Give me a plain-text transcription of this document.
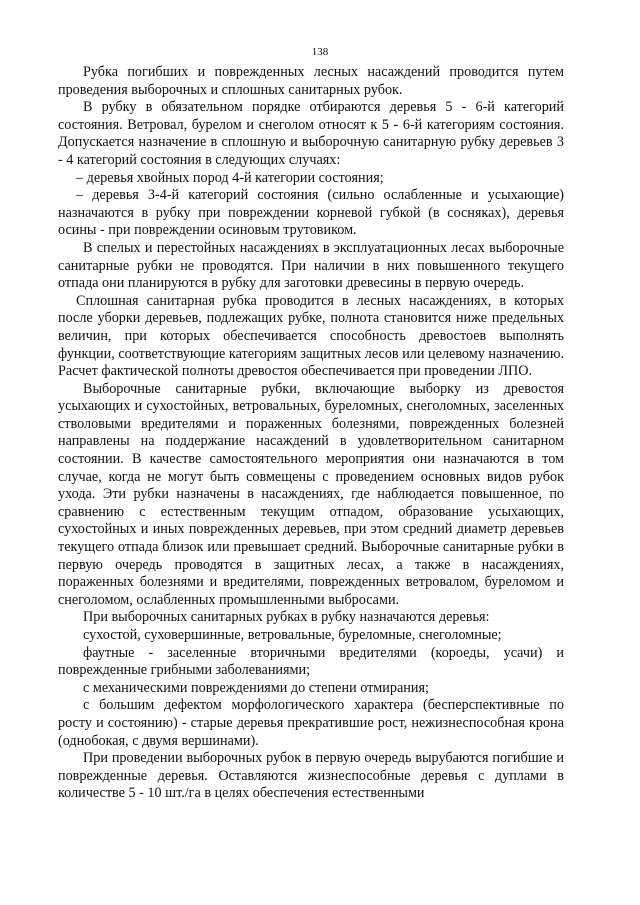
138

Рубка погибших и поврежденных лесных насаждений проводится путем проведения выборочных и сплошных санитарных рубок.

В рубку в обязательном порядке отбираются деревья 5 - 6-й категорий состояния. Ветровал, бурелом и снеголом относят к 5 - 6-й категориям состояния. Допускается назначение в сплошную и выборочную санитарную рубку деревьев 3 - 4 категорий состояния в следующих случаях:

– деревья хвойных пород 4-й категории состояния;

– деревья 3-4-й категорий состояния (сильно ослабленные и усыхающие) назначаются в рубку при повреждении корневой губкой (в сосняках), деревья осины - при повреждении осиновым трутовиком.

В спелых и перестойных насаждениях в эксплуатационных лесах выборочные санитарные рубки не проводятся. При наличии в них повышенного текущего отпада они планируются в рубку для заготовки древесины в первую очередь.

Сплошная санитарная рубка проводится в лесных насаждениях, в которых после уборки деревьев, подлежащих рубке, полнота становится ниже предельных величин, при которых обеспечивается способность древостоев выполнять функции, соответствующие категориям защитных лесов или целевому назначению. Расчет фактической полноты древостоя обеспечивается при проведении ЛПО.

Выборочные санитарные рубки, включающие выборку из древостоя усыхающих и сухостойных, ветровальных, буреломных, снеголомных, заселенных стволовыми вредителями и пораженных болезнями, поврежденных болезней направлены на поддержание насаждений в удовлетворительном санитарном состоянии. В качестве самостоятельного мероприятия они назначаются в том случае, когда не могут быть совмещены с проведением основных видов рубок ухода. Эти рубки назначены в насаждениях, где наблюдается повышенное, по сравнению с естественным текущим отпадом, образование усыхающих, сухостойных и иных поврежденных деревьев, при этом средний диаметр деревьев текущего отпада близок или превышает средний. Выборочные санитарные рубки в первую очередь проводятся в защитных лесах, а также в насаждениях, пораженных болезнями и вредителями, поврежденных ветровалом, буреломом и снеголомом, ослабленных промышленными выбросами.

При выборочных санитарных рубках в рубку назначаются деревья:

сухостой, суховершинные, ветровальные, буреломные, снеголомные;

фаутные - заселенные вторичными вредителями (короеды, усачи) и поврежденные грибными заболеваниями;

с механическими повреждениями до степени отмирания;

с большим дефектом морфологического характера (бесперспективные по росту и состоянию) - старые деревья прекратившие рост, нежизнеспособная крона (однобокая, с двумя вершинами).

При проведении выборочных рубок в первую очередь вырубаются погибшие и поврежденные деревья. Оставляются жизнеспособные деревья с дуплами в количестве 5 - 10 шт./га в целях обеспечения естественными
